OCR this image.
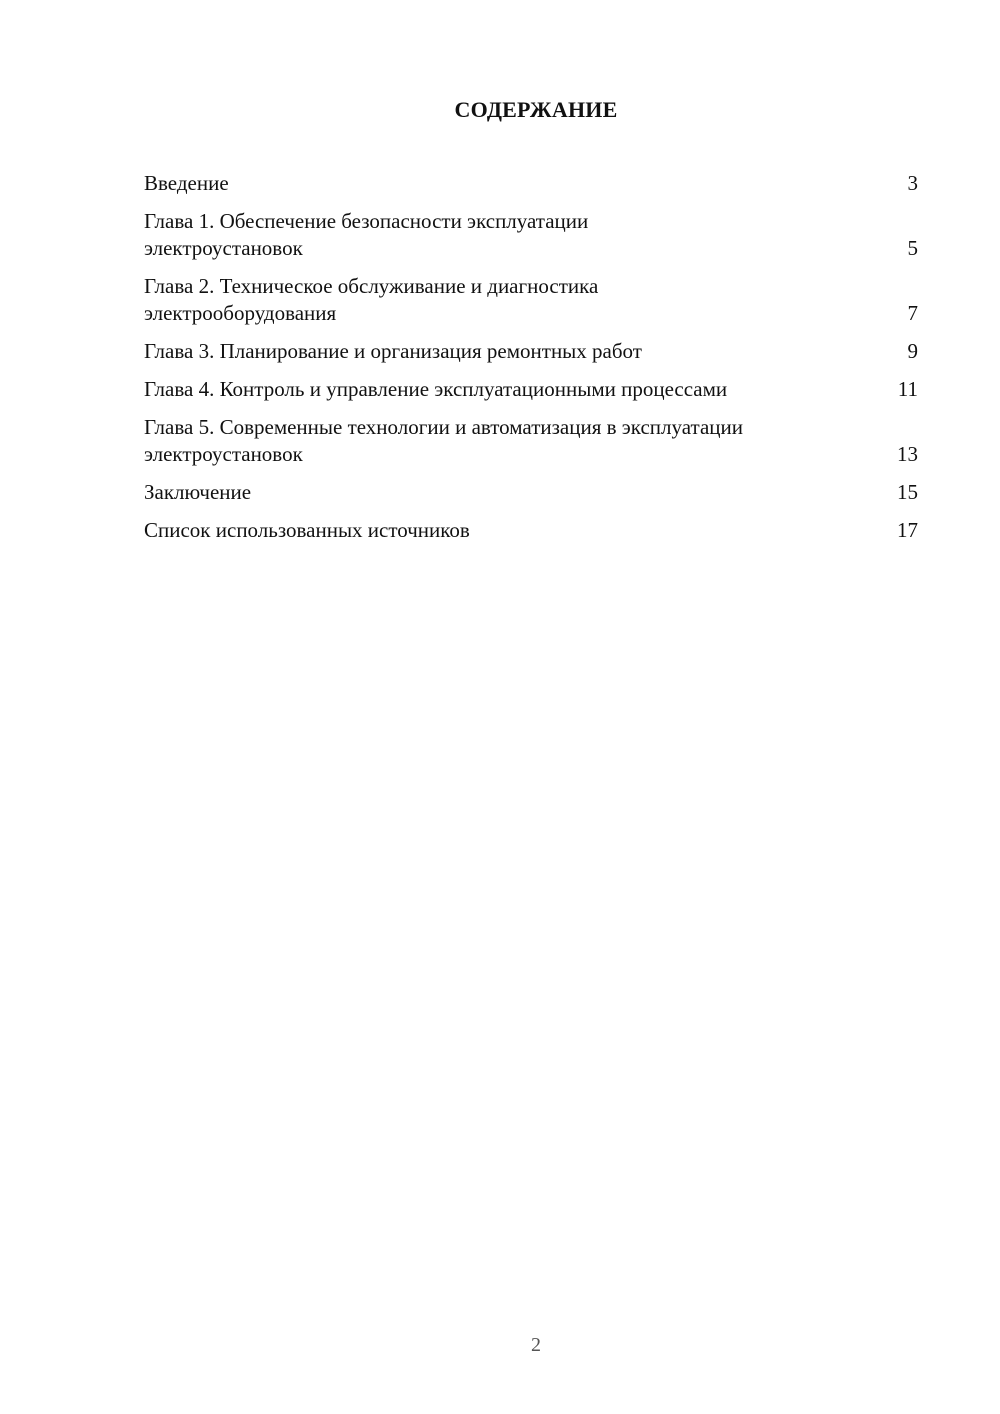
СОДЕРЖАНИЕ
Введение	3
Глава 1. Обеспечение безопасности эксплуатации электроустановок	5
Глава 2. Техническое обслуживание и диагностика электрооборудования	7
Глава 3. Планирование и организация ремонтных работ	9
Глава 4. Контроль и управление эксплуатационными процессами	11
Глава 5. Современные технологии и автоматизация в эксплуатации электроустановок	13
Заключение	15
Список использованных источников	17
2
